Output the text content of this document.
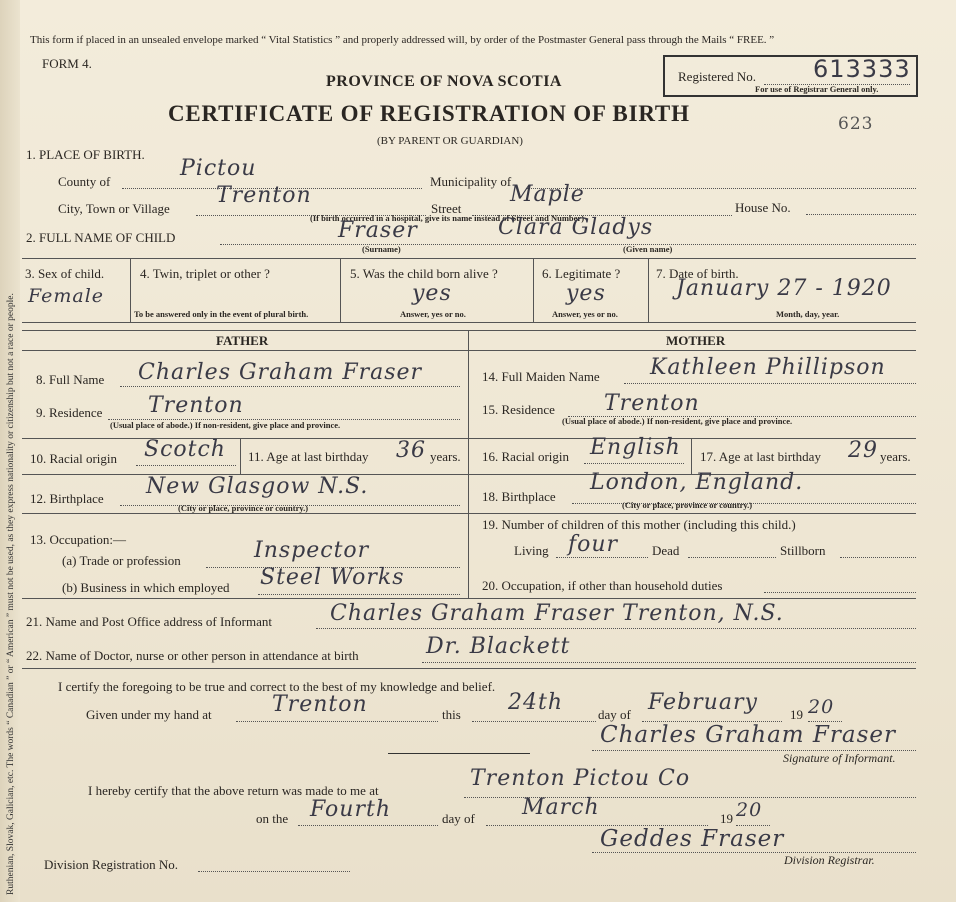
Ruthenian, Slovak, Galician, etc. The words “ Canadian ” or “ American ” must not be used, as they express nationality or citizenship but not a race or people.
This form if placed in an unsealed envelope marked “ Vital Statistics ” and properly addressed will, by order of the Postmaster General pass through the Mails “ FREE. ”
FORM 4.
PROVINCE OF NOVA SCOTIA
CERTIFICATE OF REGISTRATION OF BIRTH
(BY PARENT OR GUARDIAN)
Registered No.
For use of Registrar General only.
613333
623
1. PLACE OF BIRTH.
County of
Pictou
Municipality of
City, Town or Village
Trenton
Street
Maple
House No.
(If birth occurred in a hospital, give its name instead of Street and Number)
2. FULL NAME OF CHILD	Fraser	Clara Gladys
(Surname)	(Given name)
3. Sex of child.
Female
4. Twin, triplet or other ?
To be answered only in the event of plural birth.
5. Was the child born alive ?
yes
Answer, yes or no.
6. Legitimate ?
yes
Answer, yes or no.
7. Date of birth.
January 27 - 1920
Month, day, year.
FATHER	MOTHER
8. Full Name Charles Graham Fraser
9. Residence Trenton
(Usual place of abode.) If non-resident, give place and province.
10. Racial origin Scotch 11. Age at last birthday 36 years.
12. Birthplace New Glasgow N.S.
(City or place, province or country.)
13. Occupation:—
(a) Trade or profession	Inspector
(b) Business in which employed Steel Works
14. Full Maiden Name Kathleen Phillipson
15. Residence Trenton
(Usual place of abode.) If non-resident, give place and province.
16. Racial origin English 17. Age at last birthday 29 years.
18. Birthplace
London, England.
(City or place, province or country.)
19. Number of children of this mother (including this child.)
Living four	Dead	Stillborn
20. Occupation, if other than household duties
21. Name and Post Office address of Informant	Charles Graham Fraser Trenton, N.S.
22. Name of Doctor, nurse or other person in attendance at birth	Dr. Blackett
I certify the foregoing to be true and correct to the best of my knowledge and belief.
Given under my hand at	Trenton	this 24th	day of February 19 20
Charles Graham Fraser
Signature of Informant.
I hereby certify that the above return was made to me at	Trenton Pictou Co
on the Fourth	day of March	19 20
Geddes Fraser
Division Registration No.	Division Registrar.
